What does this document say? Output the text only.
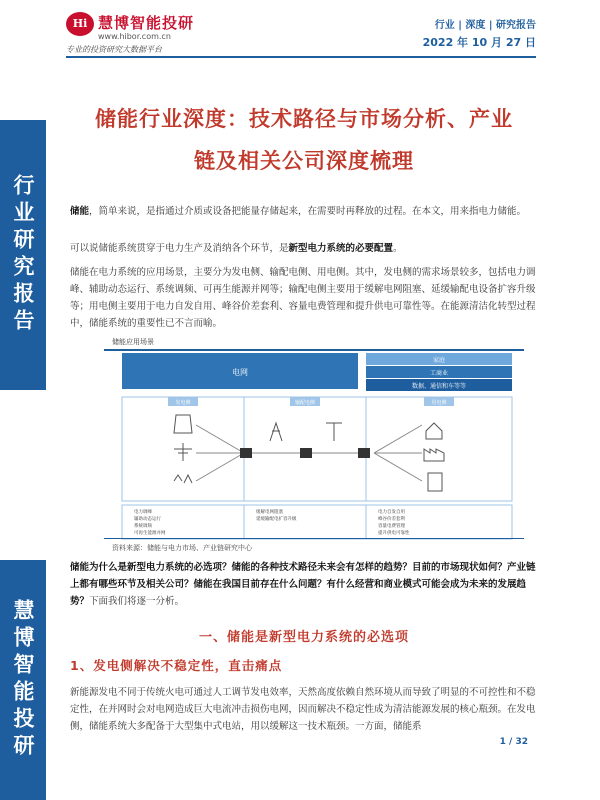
行业研究报告
慧博智能投研
Hi 慧博智能投研
www.hibor.com.cn
专业的投资研究大数据平台
行业 | 深度 | 研究报告
2022 年 10 月 27 日
储能行业深度：技术路径与市场分析、产业
链及相关公司深度梳理
储能，简单来说，是指通过介质或设备把能量存储起来，在需要时再释放的过程。在本文，用来指电力储能。
可以说储能系统贯穿于电力生产及消纳各个环节，是新型电力系统的必要配置。
储能在电力系统的应用场景，主要分为发电侧、输配电侧、用电侧。其中，发电侧的需求场景较多，包括电力调峰、辅助动态运行、系统调频、可再生能源并网等；输配电侧主要用于缓解电网阻塞、延缓输配电设备扩容升级等；用电侧主要用于电力自发自用、峰谷价差套利、容量电费管理和提升供电可靠性等。在能源清洁化转型过程中，储能系统的重要性已不言而喻。
储能应用场景
电网
家庭
工商业
数据、通信和车等等
发电侧	输配电侧	用电侧
电力调峰
辅助动态运行
系统调频
可再生能源并网
缓解电网阻塞
延缓输配电扩容升级
电力自发自用
峰谷价差套利
容量电费管理
提升供电可靠性
资料来源：储能与电力市场、产业链研究中心
储能为什么是新型电力系统的必选项？储能的各种技术路径未来会有怎样的趋势？目前的市场现状如何？产业链上都有哪些环节及相关公司？储能在我国目前存在什么问题？有什么经营和商业模式可能会成为未来的发展趋势？下面我们将逐一分析。
一、储能是新型电力系统的必选项
1、发电侧解决不稳定性，直击痛点
新能源发电不同于传统火电可通过人工调节发电效率，天然高度依赖自然环境从而导致了明显的不可控性和不稳定性，在并网时会对电网造成巨大电流冲击损伤电网，因而解决不稳定性成为清洁能源发展的核心瓶颈。在发电侧，储能系统大多配备于大型集中式电站，用以缓解这一技术瓶颈。一方面，储能系
1 / 32
